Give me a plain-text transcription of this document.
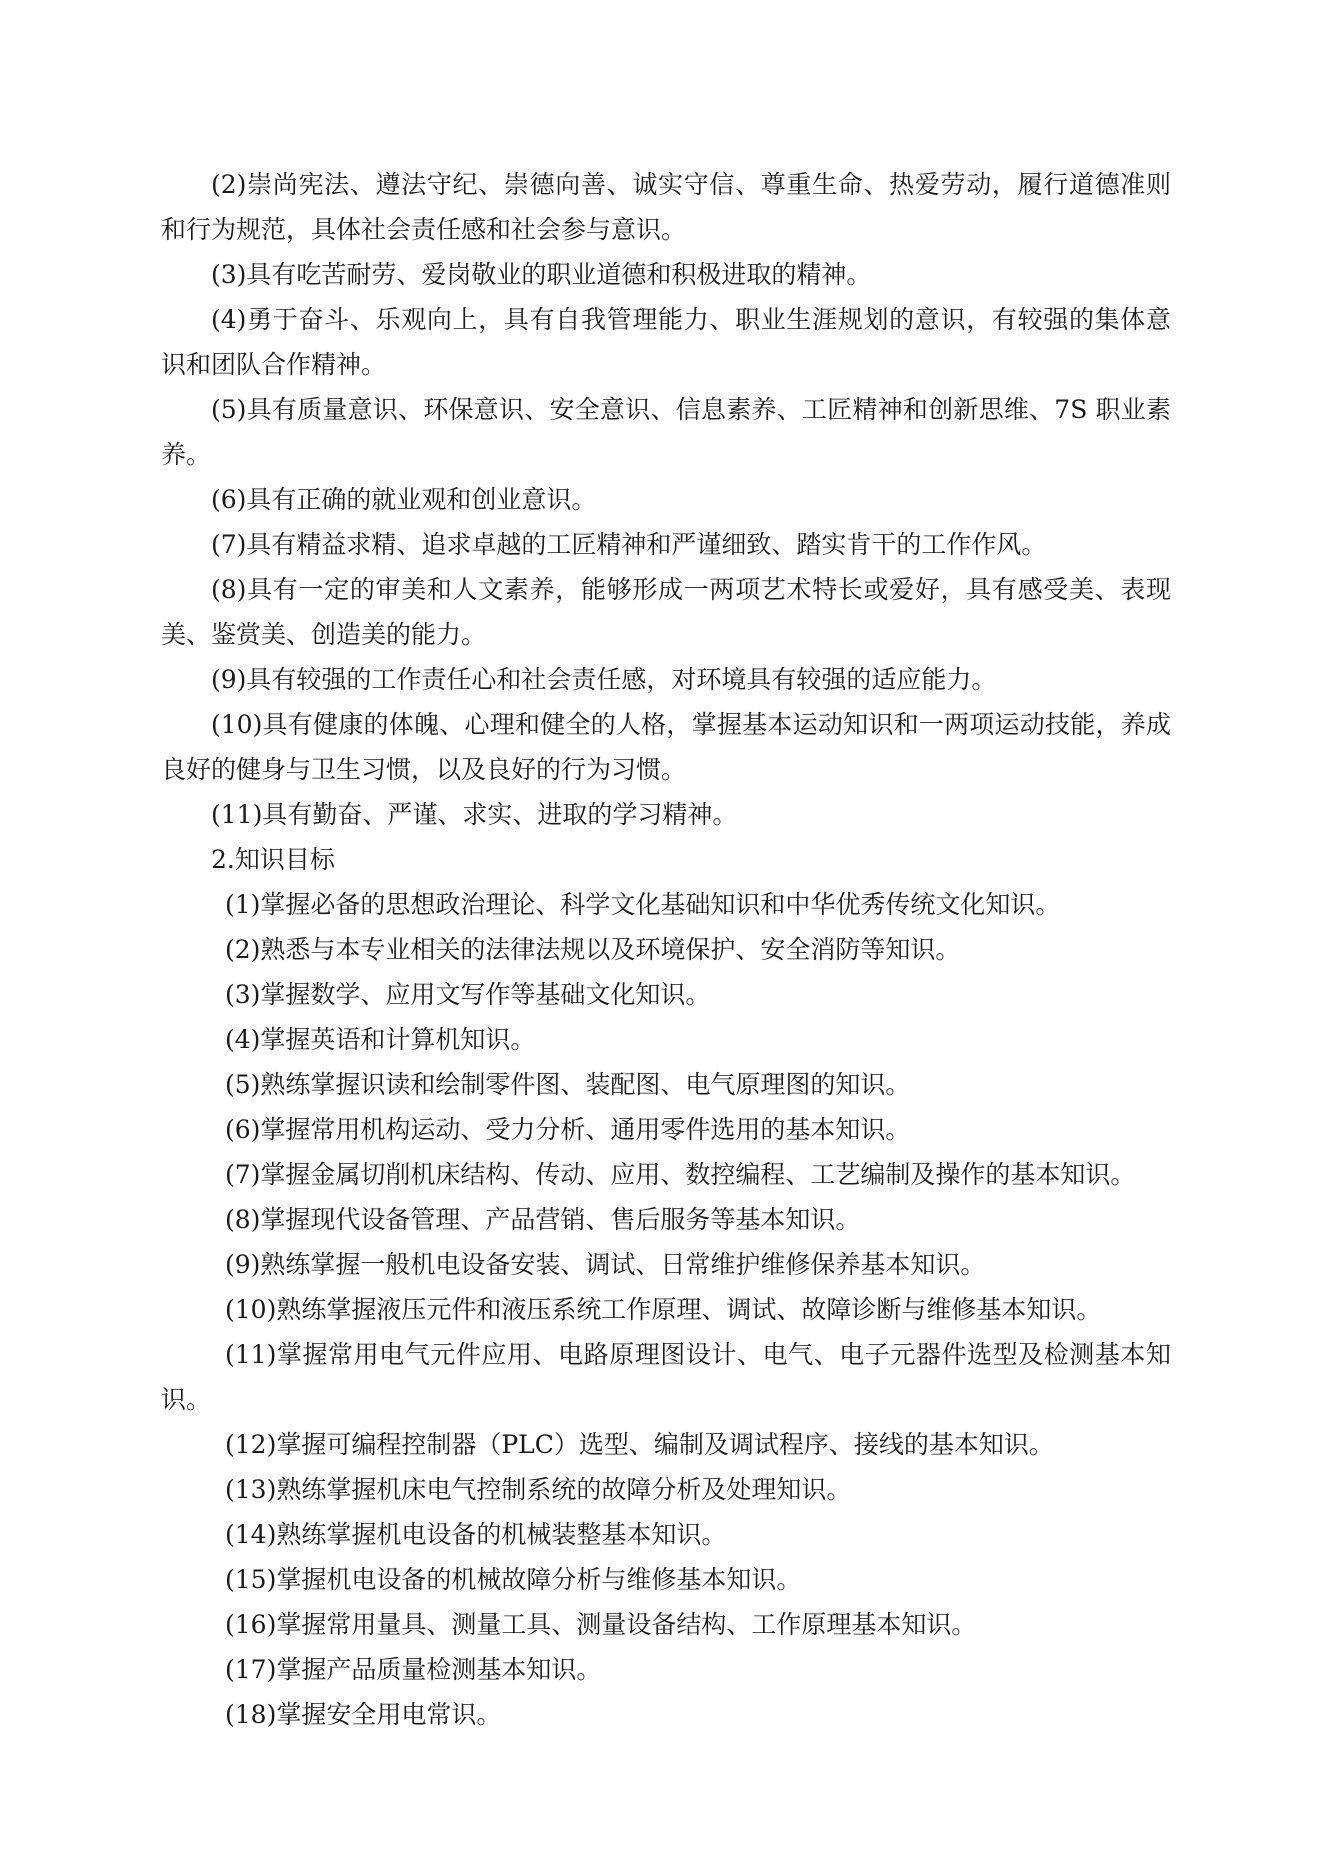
(2)崇尚宪法、遵法守纪、崇德向善、诚实守信、尊重生命、热爱劳动，履行道德准则和行为规范，具体社会责任感和社会参与意识。

(3)具有吃苦耐劳、爱岗敬业的职业道德和积极进取的精神。

(4)勇于奋斗、乐观向上，具有自我管理能力、职业生涯规划的意识，有较强的集体意识和团队合作精神。

(5)具有质量意识、环保意识、安全意识、信息素养、工匠精神和创新思维、7S 职业素养。

(6)具有正确的就业观和创业意识。

(7)具有精益求精、追求卓越的工匠精神和严谨细致、踏实肯干的工作作风。

(8)具有一定的审美和人文素养，能够形成一两项艺术特长或爱好，具有感受美、表现美、鉴赏美、创造美的能力。

(9)具有较强的工作责任心和社会责任感，对环境具有较强的适应能力。

(10)具有健康的体魄、心理和健全的人格，掌握基本运动知识和一两项运动技能，养成良好的健身与卫生习惯，以及良好的行为习惯。

(11)具有勤奋、严谨、求实、进取的学习精神。

2.知识目标

(1)掌握必备的思想政治理论、科学文化基础知识和中华优秀传统文化知识。

(2)熟悉与本专业相关的法律法规以及环境保护、安全消防等知识。

(3)掌握数学、应用文写作等基础文化知识。

(4)掌握英语和计算机知识。

(5)熟练掌握识读和绘制零件图、装配图、电气原理图的知识。

(6)掌握常用机构运动、受力分析、通用零件选用的基本知识。

(7)掌握金属切削机床结构、传动、应用、数控编程、工艺编制及操作的基本知识。

(8)掌握现代设备管理、产品营销、售后服务等基本知识。

(9)熟练掌握一般机电设备安装、调试、日常维护维修保养基本知识。

(10)熟练掌握液压元件和液压系统工作原理、调试、故障诊断与维修基本知识。

(11)掌握常用电气元件应用、电路原理图设计、电气、电子元器件选型及检测基本知识。

(12)掌握可编程控制器（PLC）选型、编制及调试程序、接线的基本知识。

(13)熟练掌握机床电气控制系统的故障分析及处理知识。

(14)熟练掌握机电设备的机械装整基本知识。

(15)掌握机电设备的机械故障分析与维修基本知识。

(16)掌握常用量具、测量工具、测量设备结构、工作原理基本知识。

(17)掌握产品质量检测基本知识。

(18)掌握安全用电常识。
